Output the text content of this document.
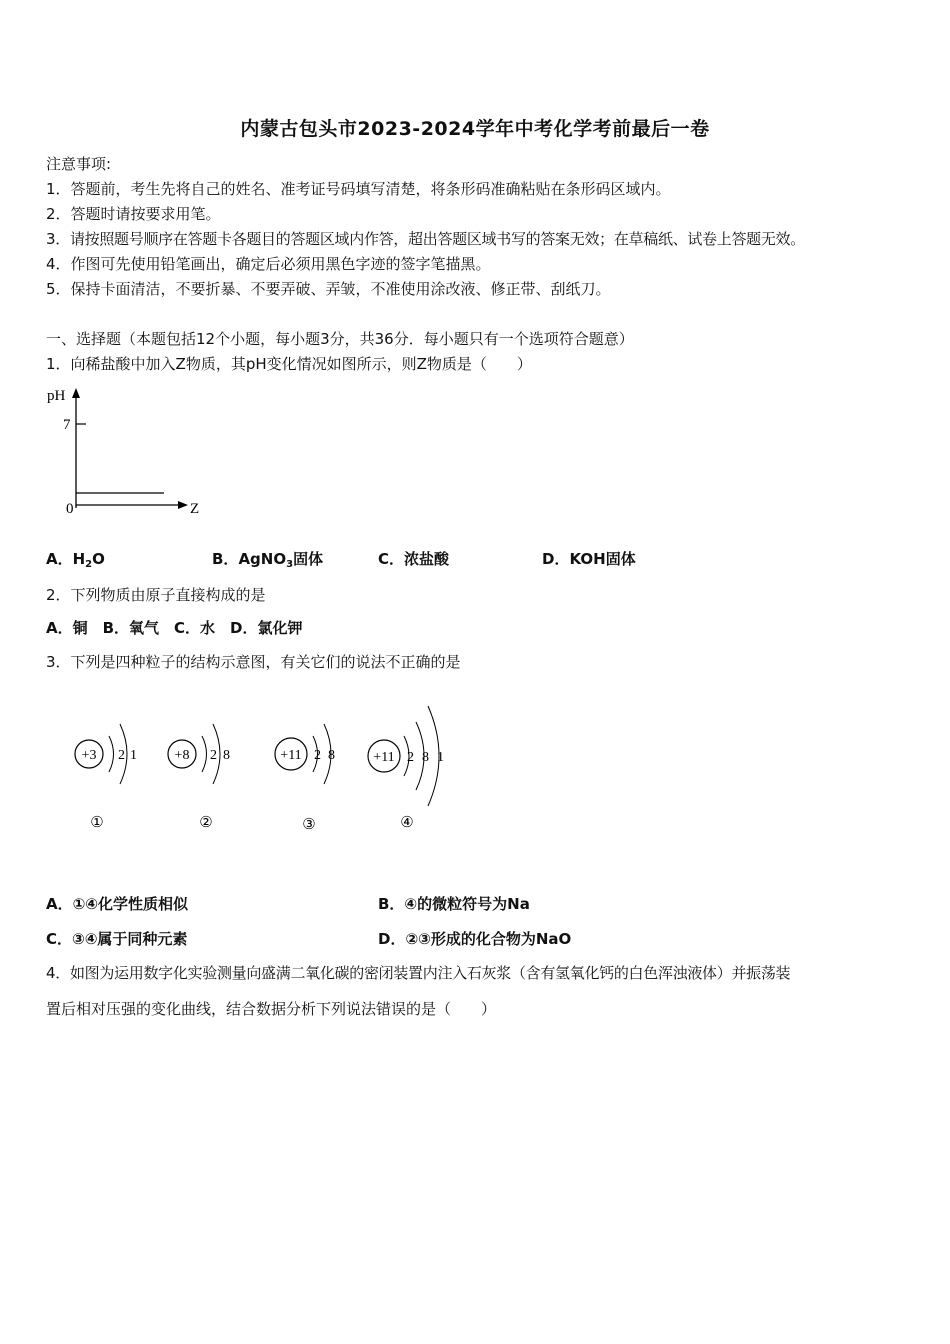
内蒙古包头市2023-2024学年中考化学考前最后一卷
注意事项:
1．答题前，考生先将自己的姓名、准考证号码填写清楚，将条形码准确粘贴在条形码区域内。
2．答题时请按要求用笔。
3．请按照题号顺序在答题卡各题目的答题区域内作答，超出答题区域书写的答案无效；在草稿纸、试卷上答题无效。
4．作图可先使用铅笔画出，确定后必须用黑色字迹的签字笔描黑。
5．保持卡面清洁，不要折暴、不要弄破、弄皱，不准使用涂改液、修正带、刮纸刀。
一、选择题（本题包括12个小题，每小题3分，共36分．每小题只有一个选项符合题意）
1．向稀盐酸中加入Z物质，其pH变化情况如图所示，则Z物质是（　　）
pH
7
0	Z
A．$H_2O$	B．AgNO$_3$固体	C．浓盐酸	D．KOH固体
2．下列物质由原子直接构成的是
A．铜　B．氧气　C．水　D．氯化钾
3．下列是四种粒子的结构示意图，有关它们的说法不正确的是
+3 2 1
①
+8 2 8
②
+11 2 8
③
+11 2 8 1
④
A．①④化学性质相似	B．④的微粒符号为Na
C．③④属于同种元素	D．②③形成的化合物为NaO
4．如图为运用数字化实验测量向盛满二氧化碳的密闭装置内注入石灰浆（含有氢氧化钙的白色浑浊液体）并振荡装
置后相对压强的变化曲线，结合数据分析下列说法错误的是（　　）
